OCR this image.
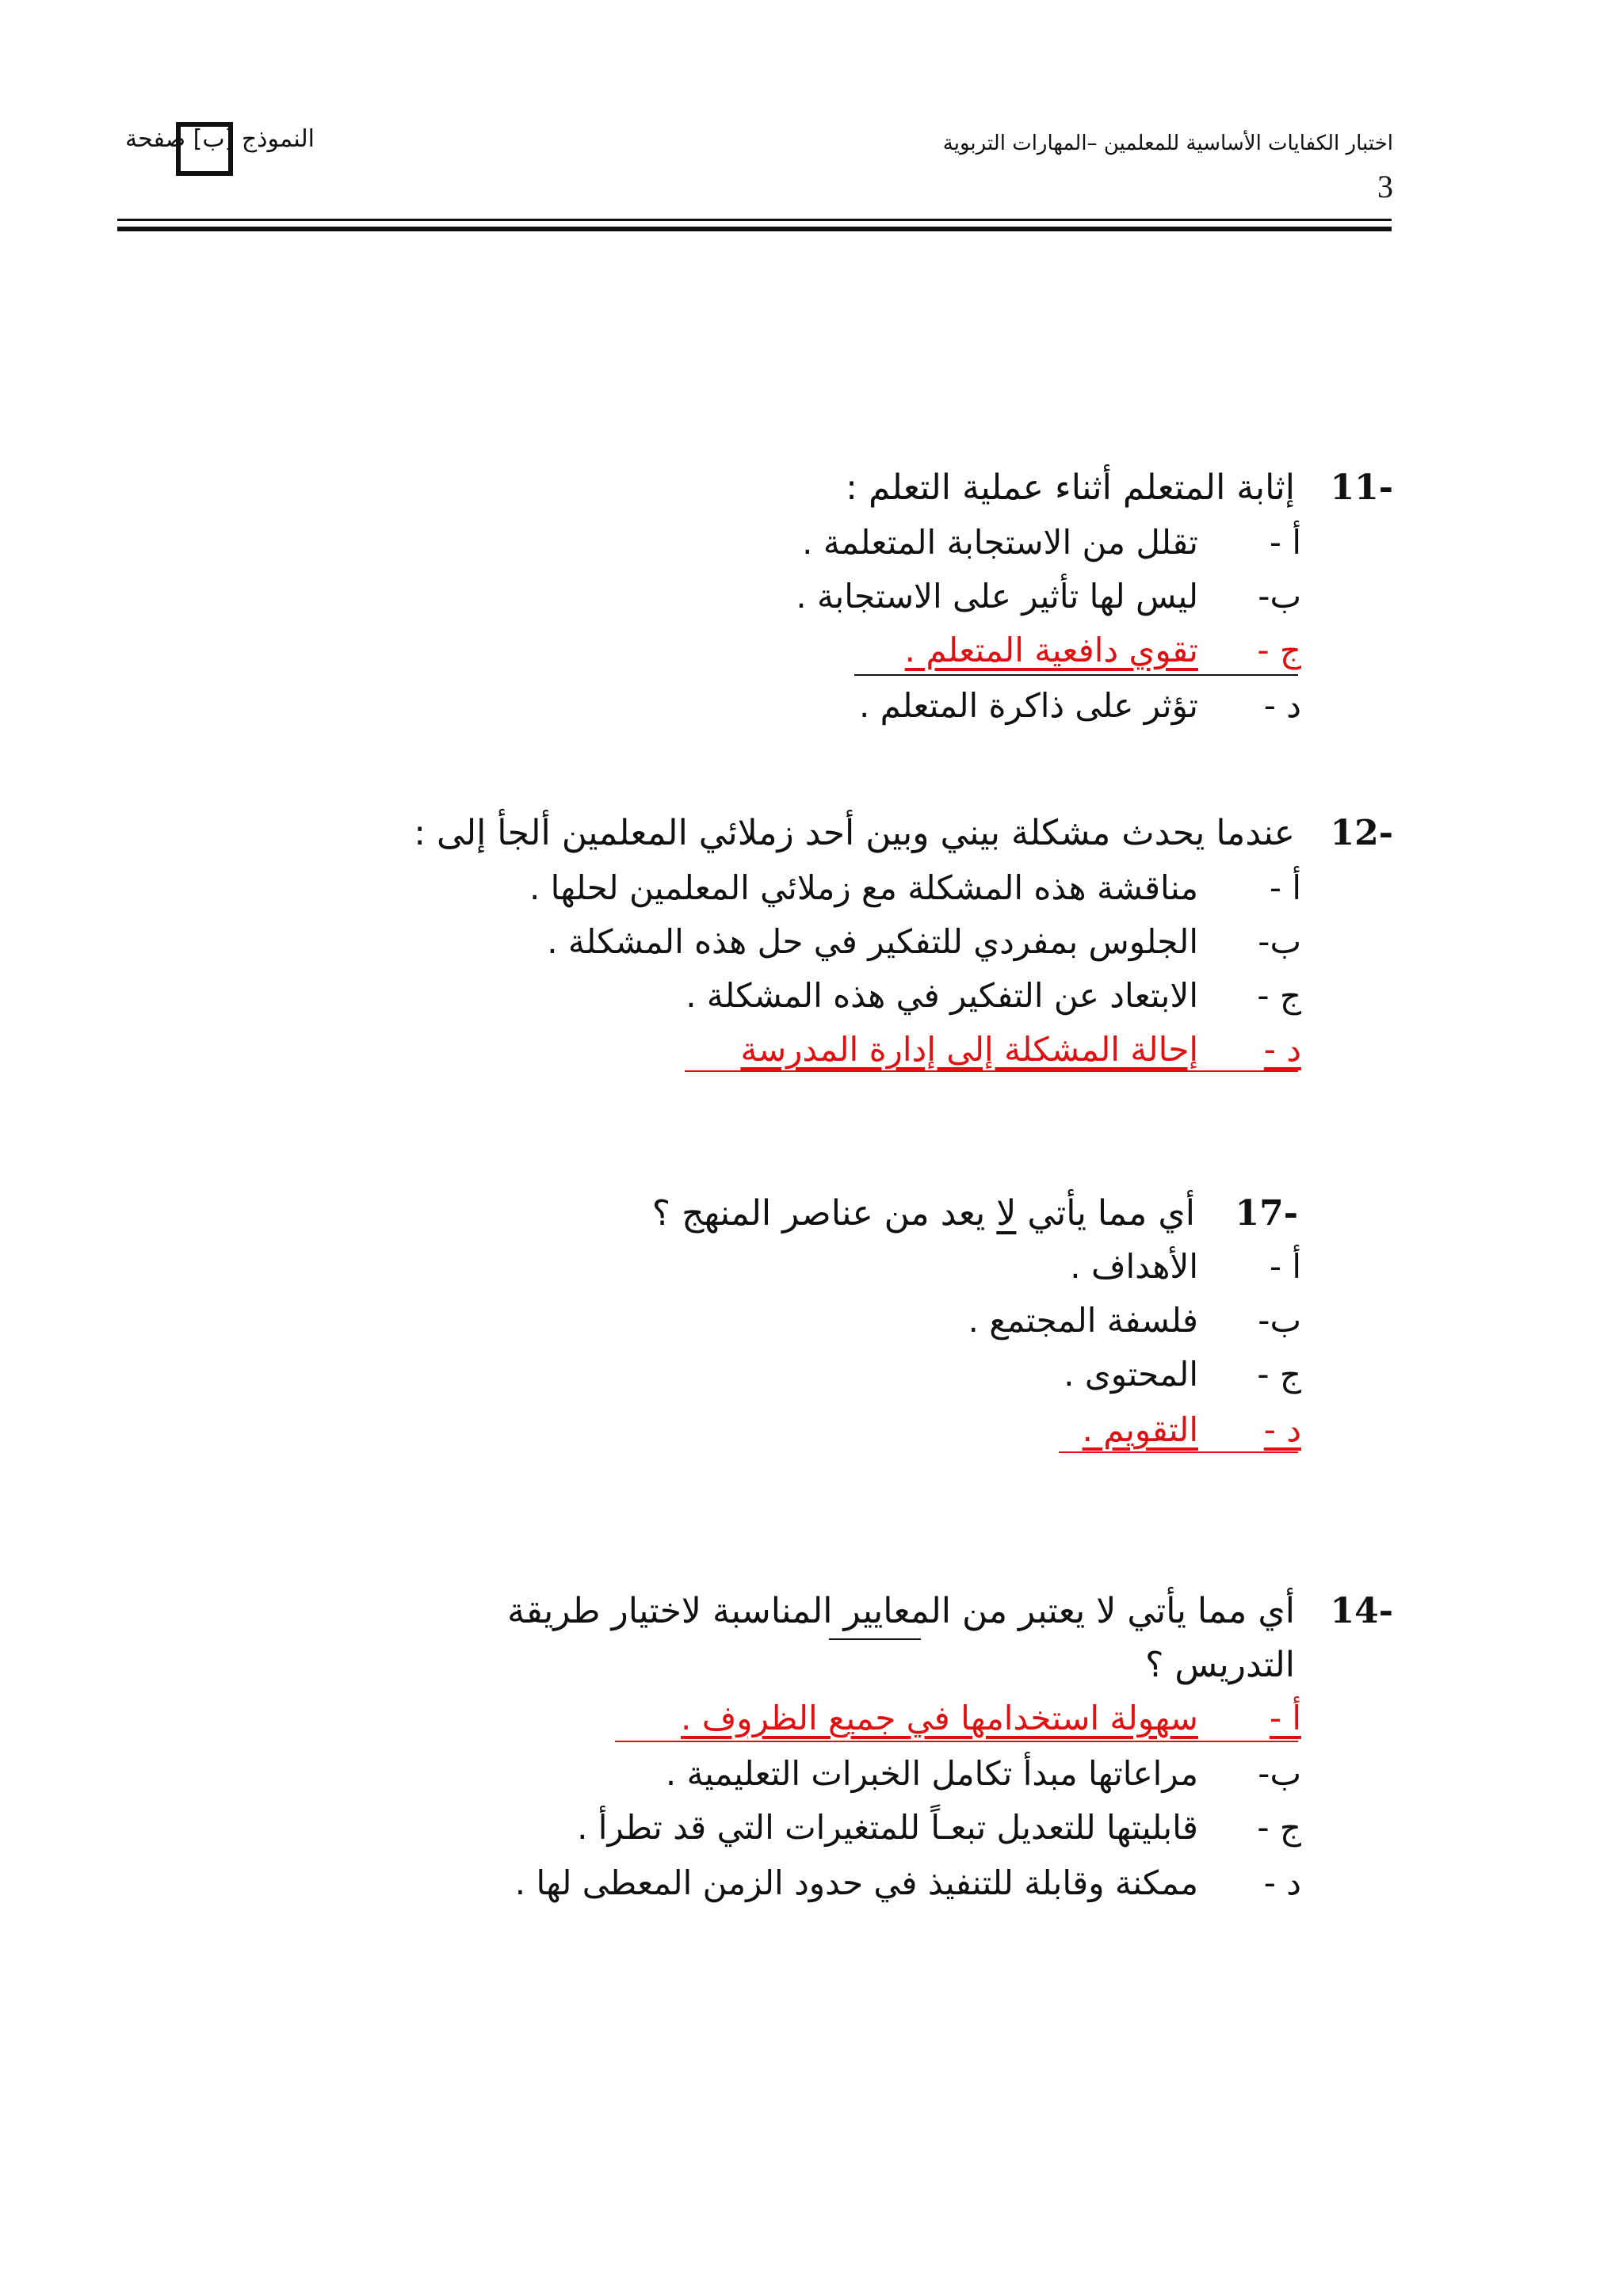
اختبار الكفايات الأساسية للمعلمين –المهارات التربوية
3
النموذج [ب] صفحة
11-
إثابة المتعلم أثناء عملية التعلم :
أ -
تقلل من الاستجابة المتعلمة .
ب-
ليس لها تأثير على الاستجابة .
ج -
تقوي دافعية المتعلم .
د -
تؤثر على ذاكرة المتعلم .
12-
عندما يحدث مشكلة بيني وبين أحد زملائي المعلمين ألجأ إلى :
أ -
مناقشة هذه المشكلة مع زملائي المعلمين لحلها .
ب-
الجلوس بمفردي للتفكير في حل هذه المشكلة .
ج -
الابتعاد عن التفكير في هذه المشكلة .
د -
إحالة المشكلة إلى إدارة المدرسة
17-
أي مما يأتي لا يعد من عناصر المنهج ؟
أ -
الأهداف .
ب-
فلسفة المجتمع .
ج -
المحتوى .
د -
التقويم .
14-
أي مما يأتي لا يعتبر من المعايير المناسبة لاختيار طريقة
التدريس ؟
أ -
سهولة استخدامها في جميع الظروف .
ب-
مراعاتها مبدأ تكامل الخبرات التعليمية .
ج -
قابليتها للتعديل تبعـاً للمتغيرات التي قد تطرأ .
د -
ممكنة وقابلة للتنفيذ في حدود الزمن المعطى لها .
